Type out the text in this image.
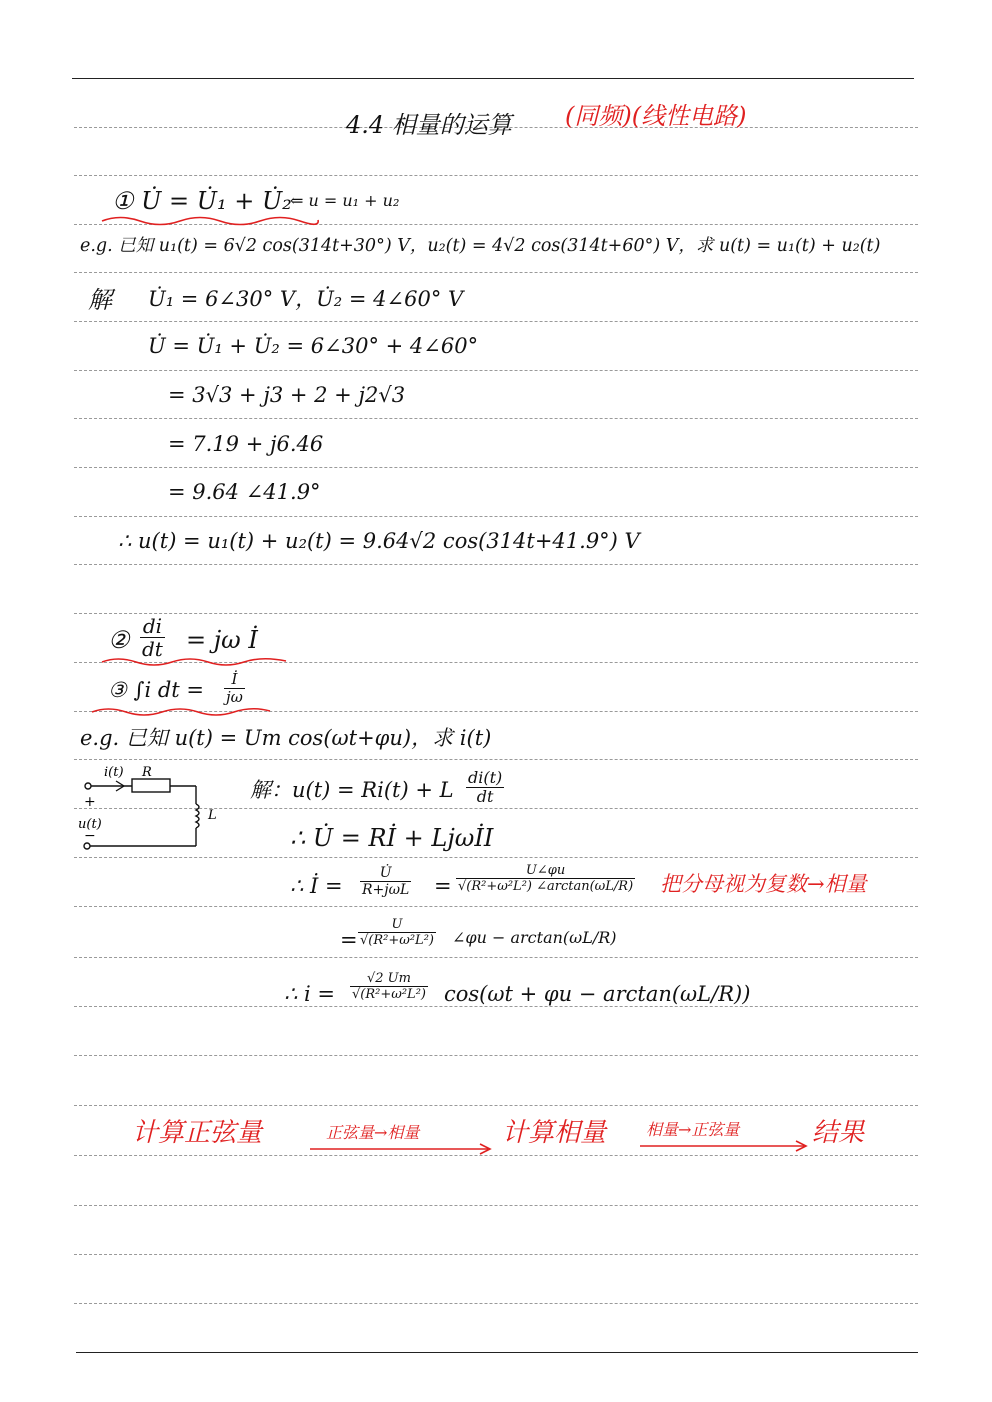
4.4 相量的运算 (同频)(线性电路)
① U̇ = U̇₁ + U̇₂
⇐ u = u₁ + u₂
e.g. 已知 u₁(t) = 6√2 cos(314t+30°) V，u₂(t) = 4√2 cos(314t+60°) V，求 u(t) = u₁(t) + u₂(t)
解 U̇₁ = 6∠30° V，U̇₂ = 4∠60° V
U̇ = U̇₁ + U̇₂ = 6∠30° + 4∠60°
= 3√3 + j3 + 2 + j2√3
= 7.19 + j6.46
= 9.64 ∠41.9°
∴ u(t) = u₁(t) + u₂(t) = 9.64√2 cos(314t+41.9°) V
② $\frac{di}{dt} = j\omega$ İ
③ ∫i dt = $\frac{İ}{j\omega}$
e.g. 已知 u(t) = Um cos(ωt+φu)，求 i(t)
i(t) R
L
+
u(t)
−
解：u(t) = Ri(t) + L $\frac{di(t)}{dt}$
∴ U̇ = Rİ + LjωİI
∴ İ =
U̇
$R+j\omega L = \frac{U\angle\varphi u}{\text{√(R²+ω²L²) ∠arctan(ωL/R)}}$ 把分母视为复数→相量
= $\frac{U}{\text{√(R²+ω²L²)}}$ ∠φu − arctan(ωL/R)
∴ $i = \frac{√2 Um}{\text{√(R²+ω²L²)}} \cos(\omega t + \varphi u - \arctan(\omega L/R))$
计算正弦量	正弦量→相量	计算相量 相量→正弦量	结果
